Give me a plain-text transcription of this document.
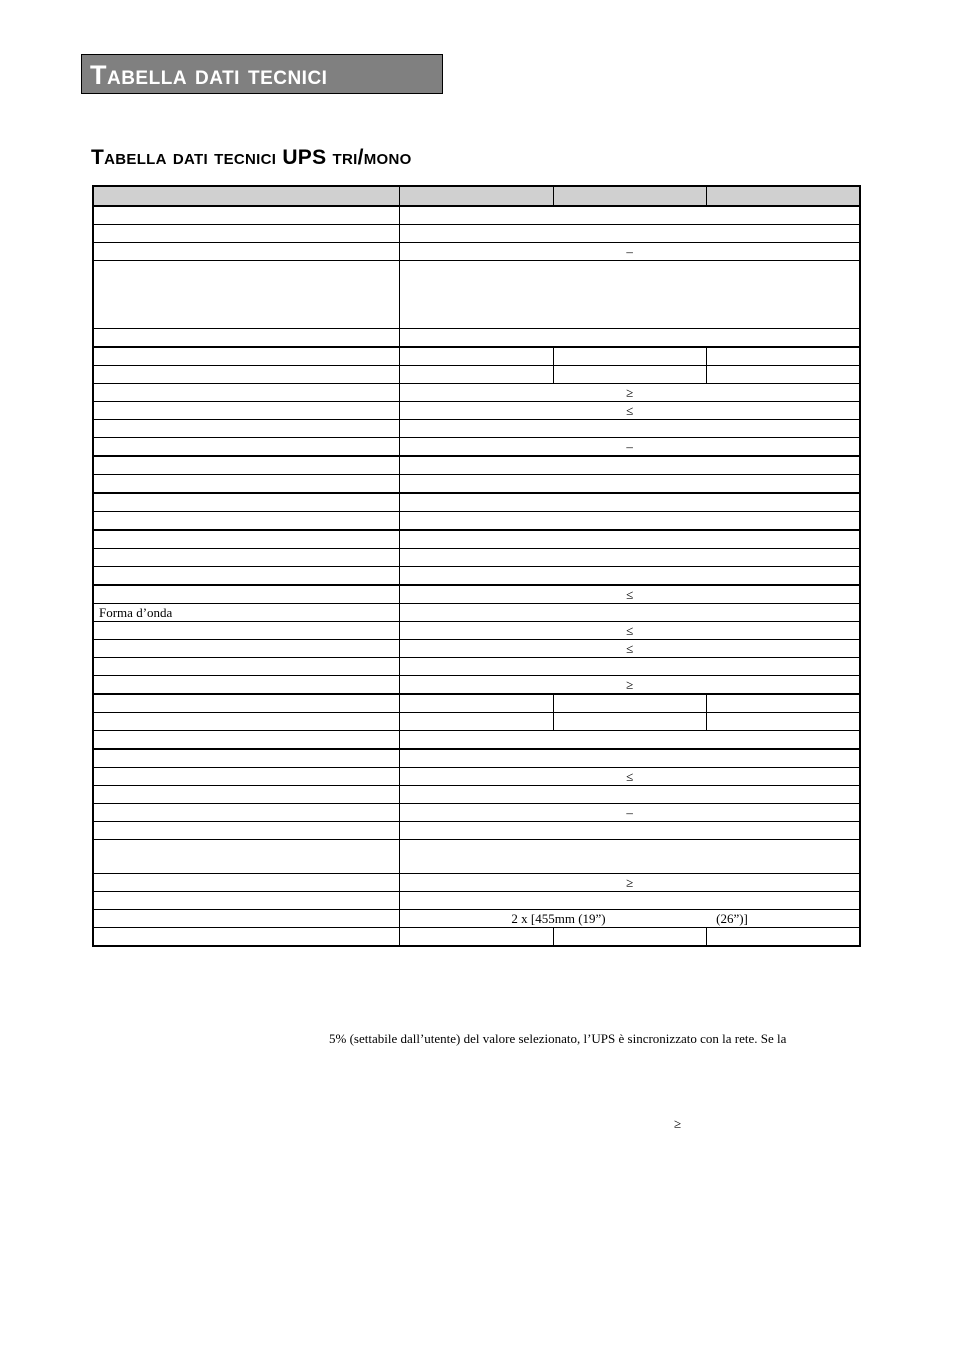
Tabella dati tecnici
Tabella dati tecnici UPS tri/mono

	–		

	≥		
	≤		

	–		

	≤		
Forma d’onda			
	≤		
	≤		

	≥		

	≤		

	–		

	≥		

	2 x [455mm (19”)                                  (26”)]		

5% (settabile dall’utente) del valore selezionato, l’UPS è sincronizzato con la rete. Se la
≥
